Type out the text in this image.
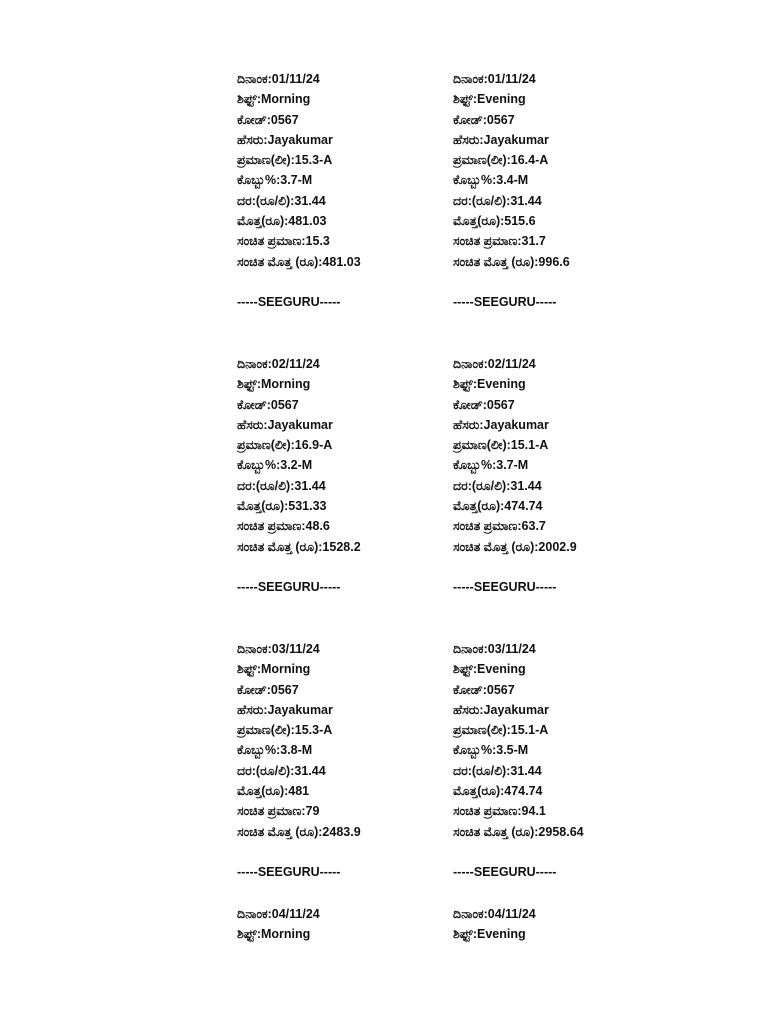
ದಿನಾಂಕ:01/11/24
ಶಿಫ್ಟ್:Morning
ಕೋಡ್:0567
ಹೆಸರು:Jayakumar
ಪ್ರಮಾಣ(ಲೀ):15.3-A
ಕೊಬ್ಬು%:3.7-M
ದರ:(ರೂ/ಲಿ):31.44
ಮೊತ್ತ(ರೂ):481.03
ಸಂಚಿತ ಪ್ರಮಾಣ:15.3
ಸಂಚಿತ ಮೊತ್ತ (ರೂ):481.03
-----SEEGURU-----
ದಿನಾಂಕ:02/11/24
ಶಿಫ್ಟ್:Morning
ಕೋಡ್:0567
ಹೆಸರು:Jayakumar
ಪ್ರಮಾಣ(ಲೀ):16.9-A
ಕೊಬ್ಬು%:3.2-M
ದರ:(ರೂ/ಲಿ):31.44
ಮೊತ್ತ(ರೂ):531.33
ಸಂಚಿತ ಪ್ರಮಾಣ:48.6
ಸಂಚಿತ ಮೊತ್ತ (ರೂ):1528.2
-----SEEGURU-----
ದಿನಾಂಕ:03/11/24
ಶಿಫ್ಟ್:Morning
ಕೋಡ್:0567
ಹೆಸರು:Jayakumar
ಪ್ರಮಾಣ(ಲೀ):15.3-A
ಕೊಬ್ಬು%:3.8-M
ದರ:(ರೂ/ಲಿ):31.44
ಮೊತ್ತ(ರೂ):481
ಸಂಚಿತ ಪ್ರಮಾಣ:79
ಸಂಚಿತ ಮೊತ್ತ (ರೂ):2483.9
-----SEEGURU-----
ದಿನಾಂಕ:04/11/24
ಶಿಫ್ಟ್:Morning
ದಿನಾಂಕ:01/11/24
ಶಿಫ್ಟ್:Evening
ಕೋಡ್:0567
ಹೆಸರು:Jayakumar
ಪ್ರಮಾಣ(ಲೀ):16.4-A
ಕೊಬ್ಬು%:3.4-M
ದರ:(ರೂ/ಲಿ):31.44
ಮೊತ್ತ(ರೂ):515.6
ಸಂಚಿತ ಪ್ರಮಾಣ:31.7
ಸಂಚಿತ ಮೊತ್ತ (ರೂ):996.6
-----SEEGURU-----
ದಿನಾಂಕ:02/11/24
ಶಿಫ್ಟ್:Evening
ಕೋಡ್:0567
ಹೆಸರು:Jayakumar
ಪ್ರಮಾಣ(ಲೀ):15.1-A
ಕೊಬ್ಬು%:3.7-M
ದರ:(ರೂ/ಲಿ):31.44
ಮೊತ್ತ(ರೂ):474.74
ಸಂಚಿತ ಪ್ರಮಾಣ:63.7
ಸಂಚಿತ ಮೊತ್ತ (ರೂ):2002.9
-----SEEGURU-----
ದಿನಾಂಕ:03/11/24
ಶಿಫ್ಟ್:Evening
ಕೋಡ್:0567
ಹೆಸರು:Jayakumar
ಪ್ರಮಾಣ(ಲೀ):15.1-A
ಕೊಬ್ಬು%:3.5-M
ದರ:(ರೂ/ಲಿ):31.44
ಮೊತ್ತ(ರೂ):474.74
ಸಂಚಿತ ಪ್ರಮಾಣ:94.1
ಸಂಚಿತ ಮೊತ್ತ (ರೂ):2958.64
-----SEEGURU-----
ದಿನಾಂಕ:04/11/24
ಶಿಫ್ಟ್:Evening
